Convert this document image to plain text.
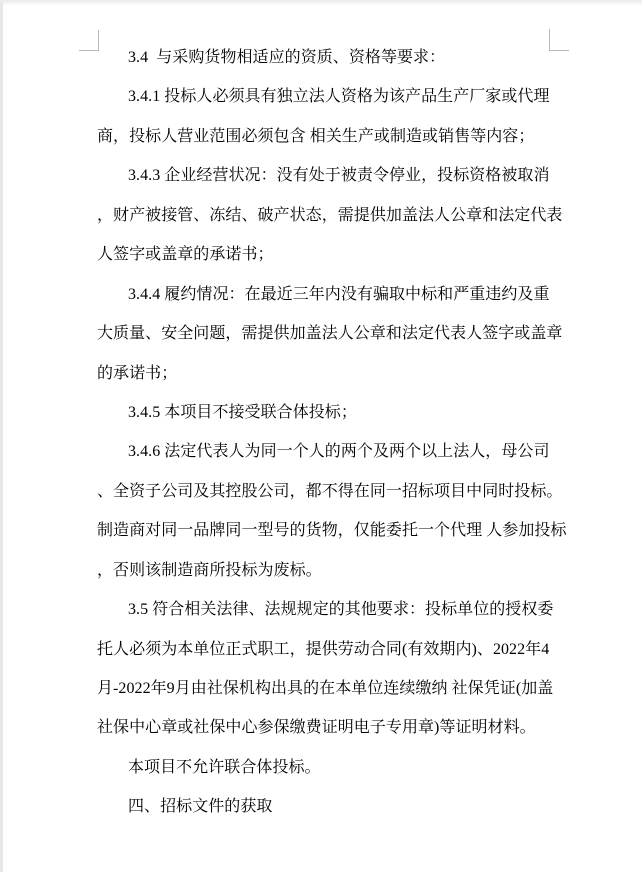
3.4  与采购货物相适应的资质、资格等要求：
3.4.1 投标人必须具有独立法人资格为该产品生产厂家或代理
商，投标人营业范围必须包含 相关生产或制造或销售等内容；
3.4.3 企业经营状况：没有处于被责令停业，投标资格被取消
，财产被接管、冻结、破产状态，需提供加盖法人公章和法定代表
人签字或盖章的承诺书；
3.4.4 履约情况：在最近三年内没有骗取中标和严重违约及重
大质量、安全问题，需提供加盖法人公章和法定代表人签字或盖章
的承诺书；
3.4.5 本项目不接受联合体投标；
3.4.6 法定代表人为同一个人的两个及两个以上法人，母公司
、全资子公司及其控股公司，都不得在同一招标项目中同时投标。
制造商对同一品牌同一型号的货物，仅能委托一个代理 人参加投标
，否则该制造商所投标为废标。
3.5 符合相关法律、法规规定的其他要求：投标单位的授权委
托人必须为本单位正式职工，提供劳动合同(有效期内)、2022年4
月-2022年9月由社保机构出具的在本单位连续缴纳 社保凭证(加盖
社保中心章或社保中心参保缴费证明电子专用章)等证明材料。
本项目不允许联合体投标。
四、招标文件的获取
